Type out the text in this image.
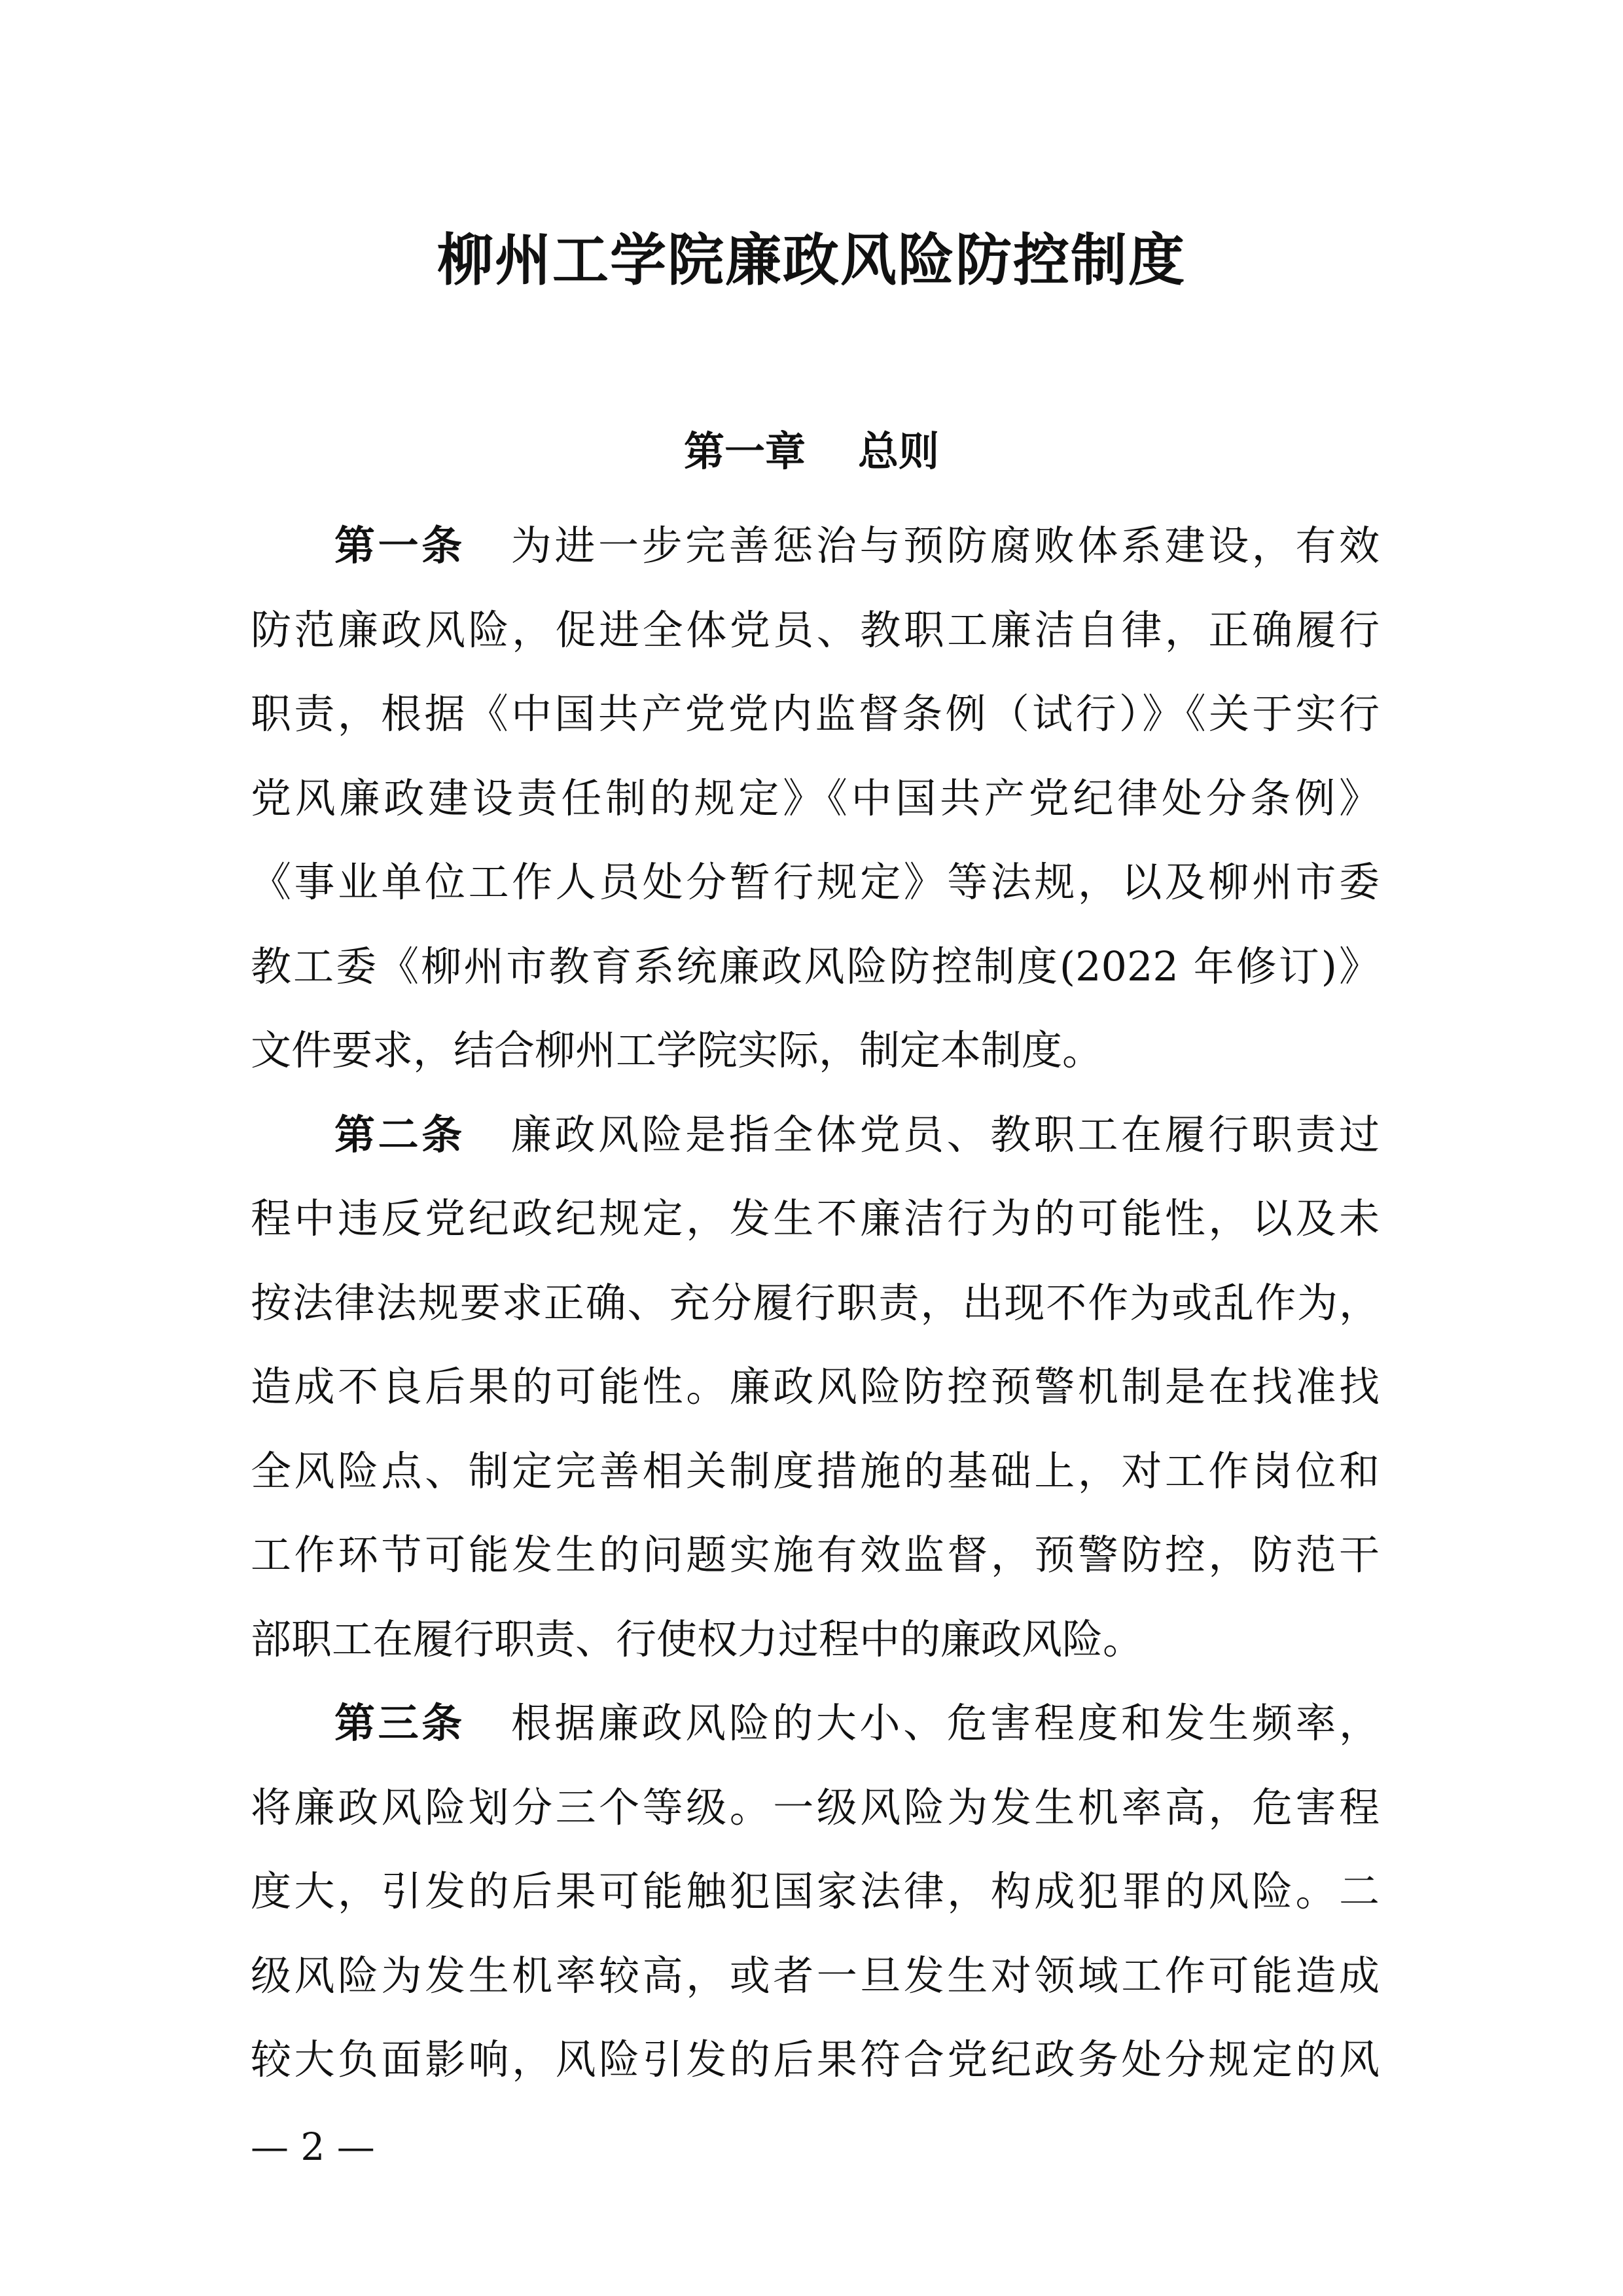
柳州工学院廉政风险防控制度
第一章 总则
第一条 为进一步完善惩治与预防腐败体系建设，有效
防范廉政风险，促进全体党员、教职工廉洁自律，正确履行
职责，根据《中国共产党党内监督条例（试行）》《关于实行
党风廉政建设责任制的规定》《中国共产党纪律处分条例》
《事业单位工作人员处分暂行规定》等法规，以及柳州市委
教工委《柳州市教育系统廉政风险防控制度(2022 年修订)》
文件要求，结合柳州工学院实际，制定本制度。
第二条 廉政风险是指全体党员、教职工在履行职责过
程中违反党纪政纪规定，发生不廉洁行为的可能性，以及未
按法律法规要求正确、充分履行职责，出现不作为或乱作为，
造成不良后果的可能性。廉政风险防控预警机制是在找准找
全风险点、制定完善相关制度措施的基础上，对工作岗位和
工作环节可能发生的问题实施有效监督，预警防控，防范干
部职工在履行职责、行使权力过程中的廉政风险。
第三条 根据廉政风险的大小、危害程度和发生频率，
将廉政风险划分三个等级。一级风险为发生机率高，危害程
度大，引发的后果可能触犯国家法律，构成犯罪的风险。二
级风险为发生机率较高，或者一旦发生对领域工作可能造成
较大负面影响，风险引发的后果符合党纪政务处分规定的风
— 2 —
